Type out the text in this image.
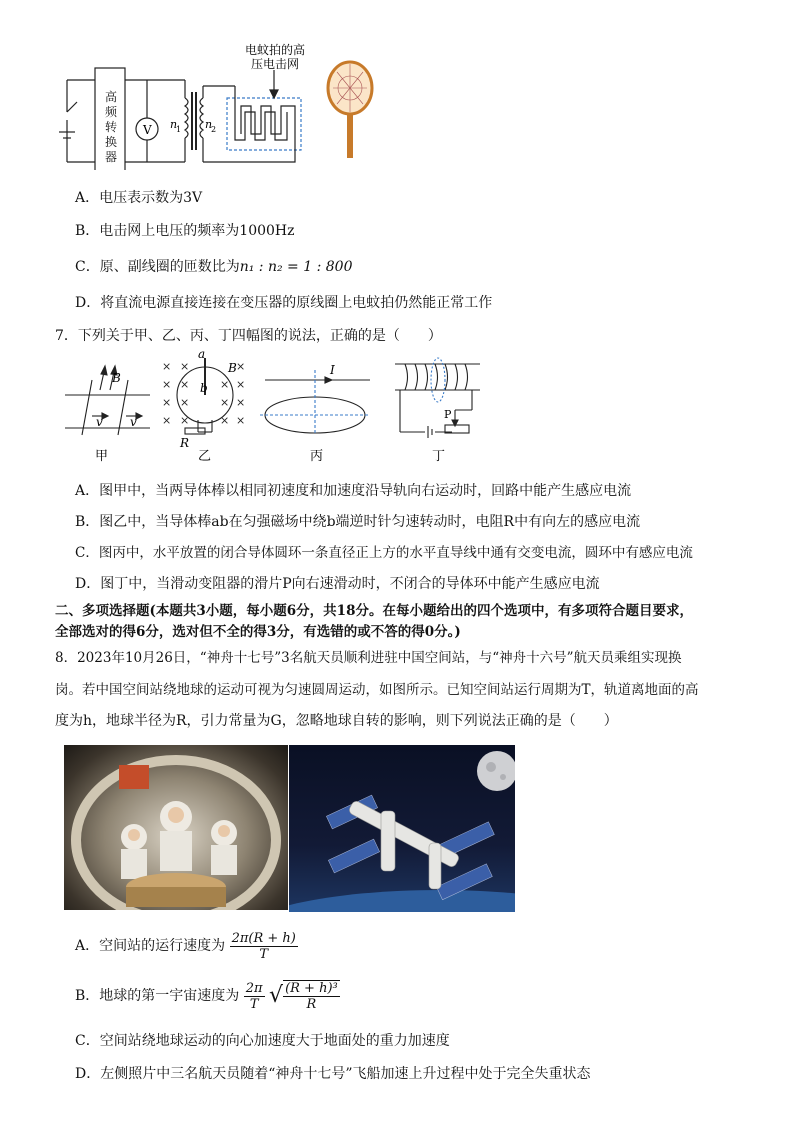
V n
1 n
2
电蚊拍的高
压电击网
高
频
转
换
器
A．电压表示数为3V
B．电击网上电压的频率为1000Hz
C．原、副线圈的匝数比为n₁ : n₂ = 1 : 800
D．将直流电源直接连接在变压器的原线圈上电蚊拍仍然能正常工作
7．下列关于甲、乙、丙、丁四幅图的说法，正确的是（　　）
×
×
×
×
×
×
×
×
×
×
×
×
×
×	×
B
v v
a
b
B
R
I
P
甲	乙	丙	丁
A．图甲中，当两导体棒以相同初速度和加速度沿导轨向右运动时，回路中能产生感应电流
B．图乙中，当导体棒ab在匀强磁场中绕b端逆时针匀速转动时，电阻R中有向左的感应电流
C．图丙中，水平放置的闭合导体圆环一条直径正上方的水平直导线中通有交变电流，圆环中有感应电流
D．图丁中，当滑动变阻器的滑片P向右速滑动时，不闭合的导体环中能产生感应电流
二、多项选择题(本题共3小题，每小题6分，共18分。在每小题给出的四个选项中，有多项符合题目要求，
全部选对的得6分，选对但不全的得3分，有选错的或不答的得0分。)
8．2023年10月26日，“神舟十七号”3名航天员顺利进驻中国空间站，与“神舟十六号”航天员乘组实现换
岗。若中国空间站绕地球的运动可视为匀速圆周运动，如图所示。已知空间站运行周期为T，轨道离地面的高
度为h，地球半径为R，引力常量为G，忽略地球自转的影响，则下列说法正确的是（　　）
A．空间站的运行速度为 $\frac{2\pi(R + h)}{T}$
B．地球的第一宇宙速度为 $\frac{2\pi}{T}$ √ $\frac{\text{(R + h)³}}{R}$
C．空间站绕地球运动的向心加速度大于地面处的重力加速度
D．左侧照片中三名航天员随着“神舟十七号”飞船加速上升过程中处于完全失重状态
